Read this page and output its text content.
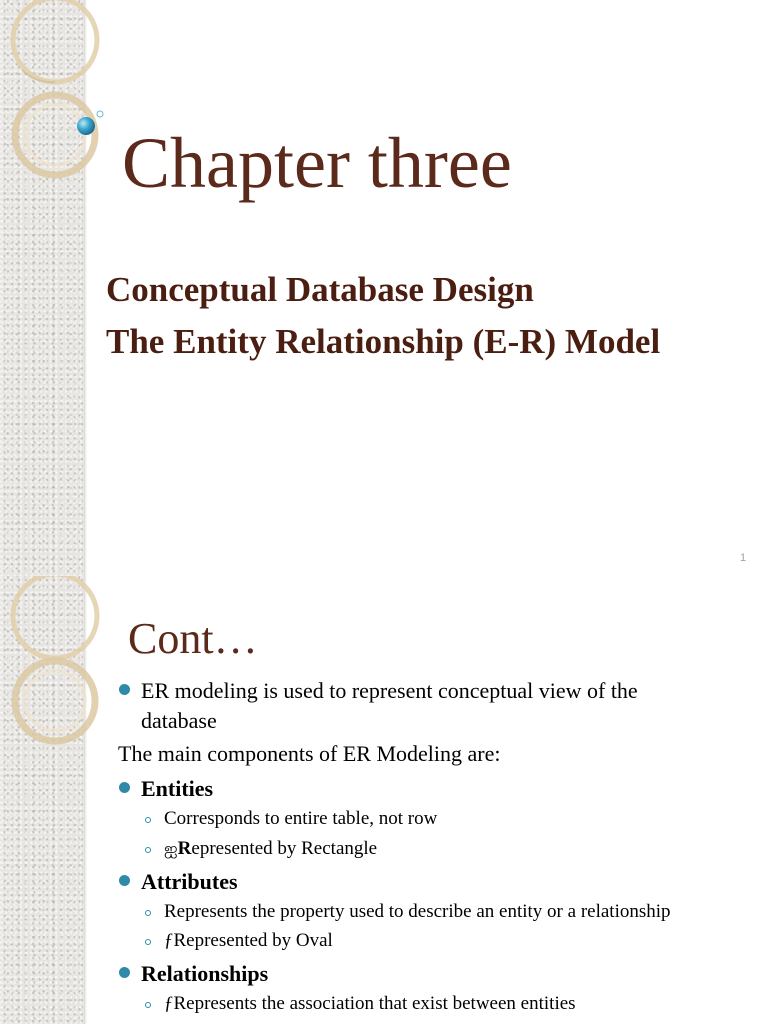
Chapter three
Conceptual Database Design
The Entity Relationship (E-R) Model
1
Cont…
ER modeling is used to represent conceptual view of the
database
The main components of ER Modeling are:
Entities
Corresponds to entire table, not row
ஐRepresented by Rectangle
Attributes
Represents the property used to describe an entity or a relationship
ƒRepresented by Oval
Relationships
ƒRepresents the association that exist between entities
